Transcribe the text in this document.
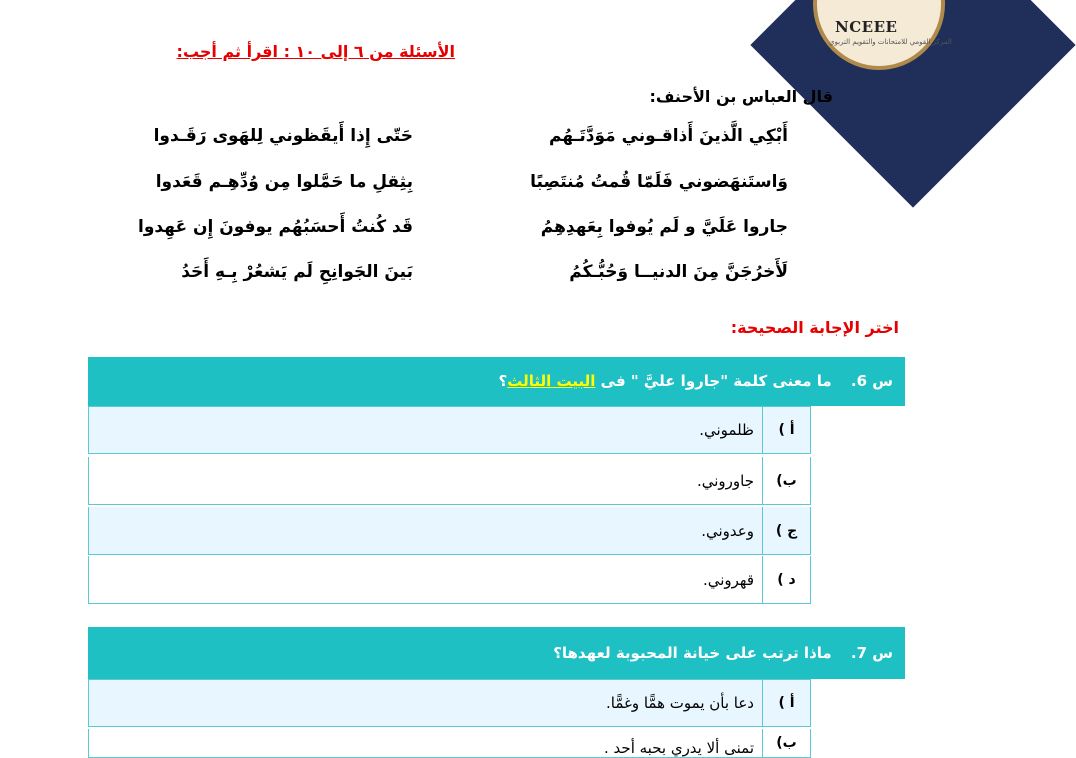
NCEEE
المركز القومي للامتحانات والتقويم التربوي
الأسئلة من ٦ إلى ١٠ : اقرأ ثم أجب:
قال العباس بن الأحنف:
أَبْكِي الَّذينَ أَذاقـوني مَوَدَّتَـهُم
حَتّى إِذا أَيقَظوني لِلهَوى رَقَـدوا
وَاستَنهَضوني فَلَمّا قُمتُ مُنتَصِبًا
بِثِقلِ ما حَمَّلوا مِن وُدِّهِـم قَعَدوا
جاروا عَلَيَّ و لَم يُوفوا بِعَهدِهِمُ
قَد كُنتُ أَحسَبُهُم يوفونَ إِن عَهِدوا
لَأَخرُجَنَّ مِنَ الدنيــا وَحُبُّـكُمُ
بَينَ الجَوانِحِ لَم يَشعُرْ بِـهِ أَحَدُ
اختر الإجابة الصحيحة:
س 6. ما معنى كلمة "جاروا عليَّ " فى البيت الثالث؟
أ )
ظلموني.
ب)
جاوروني.
ج )
وعدوني.
د )
قهروني.
س 7. ماذا ترتب على خيانة المحبوبة لعهدها؟
أ )
دعا بأن يموت همًّا وغمًّا.
ب)
تمنى ألا يدري بحبه أحد .
